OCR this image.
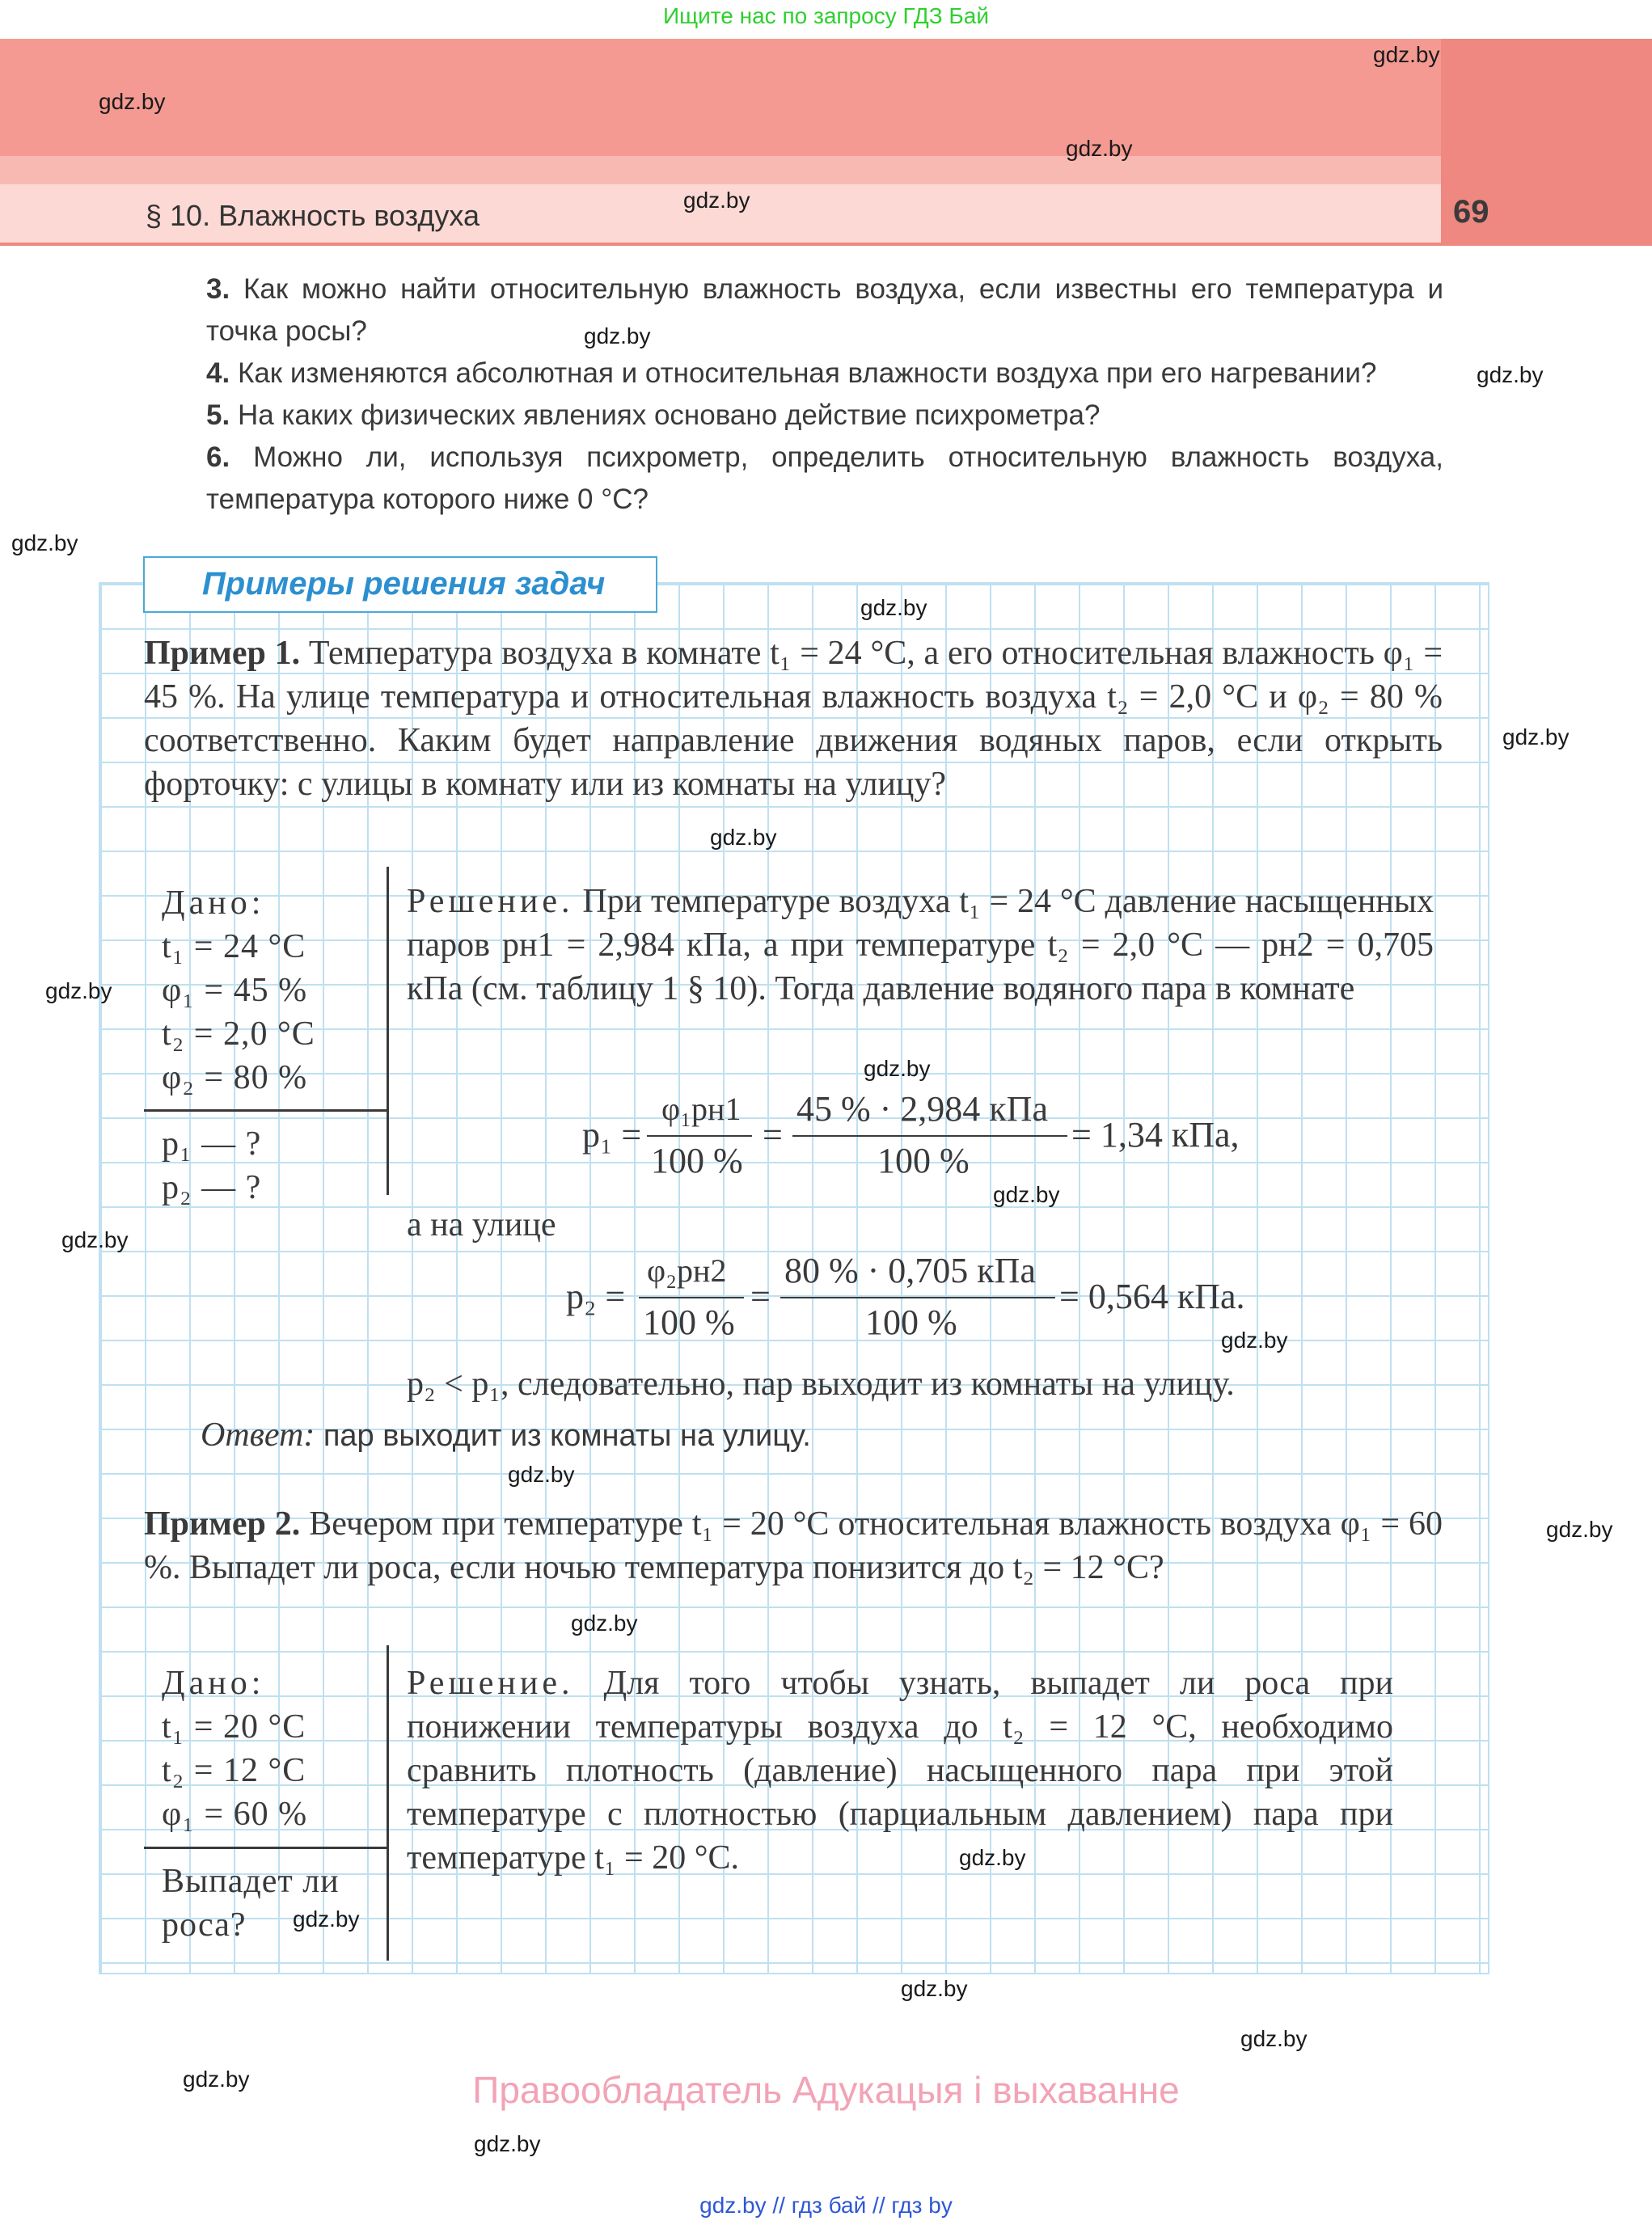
Ищите нас по запросу ГДЗ Бай
§ 10. Влажность воздуха	69
3. Как можно найти относительную влажность воздуха, если известны его температура и точка росы?
4. Как изменяются абсолютная и относительная влажности воздуха при его нагревании?
5. На каких физических явлениях основано действие психрометра?
6. Можно ли, используя психрометр, определить относительную влажность воздуха, температура которого ниже 0 °С?
Примеры решения задач
Пример 1. Температура воздуха в комнате t₁ = 24 °С, а его относительная влажность φ₁ = 45 %. На улице температура и относительная влажность воздуха t₂ = 2,0 °С и φ₂ = 80 % соответственно. Каким будет направление движения водяных паров, если открыть форточку: с улицы в комнату или из комнаты на улицу?
Дано:
t₁ = 24 °С
φ₁ = 45 %
t₂ = 2,0 °С
φ₂ = 80 %
p₁ — ?
p₂ — ?
Решение. При температуре воздуха t₁ = 24 °С давление насыщенных паров pн1 = 2,984 кПа, а при температуре t₂ = 2,0 °С — pн2 = 0,705 кПа (см. таблицу 1 § 10). Тогда давление водяного пара в комнате
p₁ =
φ₁pн1
100 %
=
45 % · 2,984 кПа
100 %
= 1,34 кПа,
а на улице
p₂ =
φ₂pн2
100 %
=
80 % · 0,705 кПа
100 %
= 0,564 кПа.
p₂ < p₁, следовательно, пар выходит из комнаты на улицу.
Ответ: пар выходит из комнаты на улицу.
Пример 2. Вечером при температуре t₁ = 20 °С относительная влажность воздуха φ₁ = 60 %. Выпадет ли роса, если ночью температура понизится до t₂ = 12 °С?
Дано:
t₁ = 20 °С
t₂ = 12 °С
φ₁ = 60 %
Выпадет ли
роса?
Решение. Для того чтобы узнать, выпадет ли роса при понижении температуры воздуха до t₂ = 12 °С, необходимо сравнить плотность (давление) насыщенного пара при этой температуре с плотностью (парциальным давлением) пара при температуре t₁ = 20 °С.
gdz.by
gdz.by
gdz.by
gdz.by
gdz.by
gdz.by
gdz.by
gdz.by
gdz.by
gdz.by
gdz.by
gdz.by
gdz.by
gdz.by
gdz.by
gdz.by
gdz.by
gdz.by
gdz.by
gdz.by
gdz.by
gdz.by
gdz.by
gdz.by
Правообладатель Адукацыя і выхаванне
gdz.by // гдз бай // гдз by
